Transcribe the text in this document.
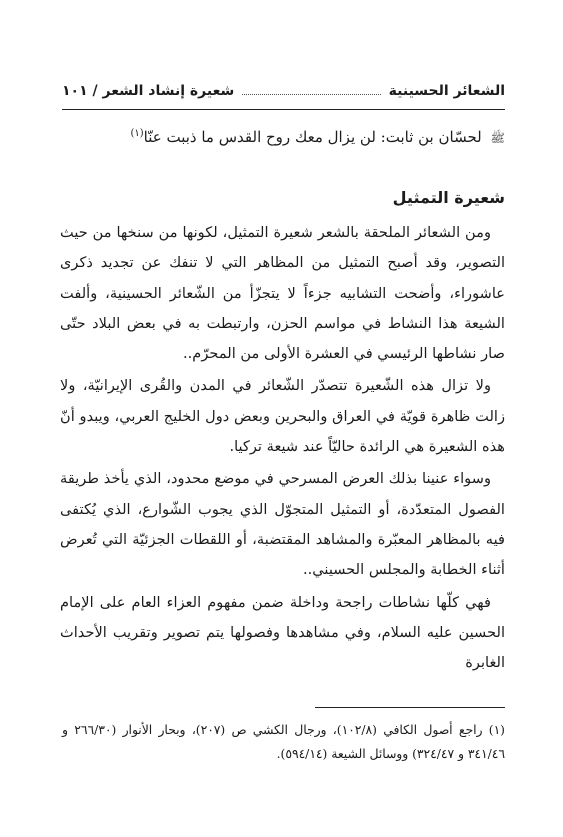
الشعائر الحسينية
شعيرة إنشاد الشعر / ١٠١
ﷺ لحسّان بن ثابت: لن يزال معك روح القدس ما ذببت عنّا$^{(١)}$
شعيرة التمثيل

ومن الشعائر الملحقة بالشعر شعيرة التمثيل، لكونها من سنخها من حيث التصوير، وقد أصبح التمثيل من المظاهر التي لا تنفك عن تجديد ذكرى عاشوراء، وأضحت التشابيه جزءاً لا يتجزّأ من الشّعائر الحسينية، وألفت الشيعة هذا النشاط في مواسم الحزن، وارتبطت به في بعض البلاد حتّى صار نشاطها الرئيسي في العشرة الأولى من المحرّم..

ولا تزال هذه الشّعيرة تتصدّر الشّعائر في المدن والقُرى الإيرانيّة، ولا زالت ظاهرة قويّة في العراق والبحرين وبعض دول الخليج العربي، ويبدو أنّ هذه الشعيرة هي الرائدة حاليّاً عند شيعة تركيا.

وسواء عنينا بذلك العرض المسرحي في موضع محدود، الذي يأخذ طريقة الفصول المتعدّدة، أو التمثيل المتجوّل الذي يجوب الشّوارع، الذي يُكتفى فيه بالمظاهر المعبّرة والمشاهد المقتضبة، أو اللقطات الجزئيّة التي تُعرض أثناء الخطابة والمجلس الحسيني..

فهي كلّها نشاطات راجحة وداخلة ضمن مفهوم العزاء العام على الإمام الحسين عليه السلام، وفي مشاهدها وفصولها يتم تصوير وتقريب الأحداث الغابرة

(١) راجع أصول الكافي (١٠٢/٨)، ورجال الكشي ص (٢٠٧)، وبحار الأنوار (٢٦٦/٣٠ و ٣٤١/٤٦ و ٣٢٤/٤٧) ووسائل الشيعة (٥٩٤/١٤).
